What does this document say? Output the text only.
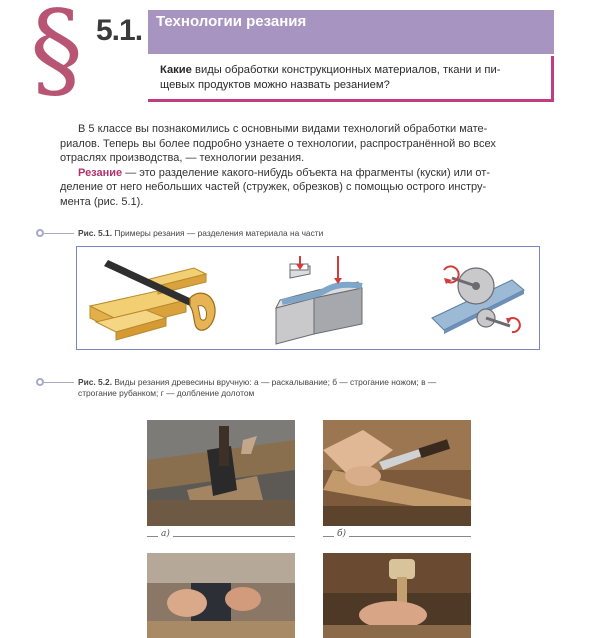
§ 5.1. Технологии резания
Какие виды обработки конструкционных материалов, ткани и пи-
щевых продуктов можно назвать резанием?

В 5 классе вы познакомились с основными видами технологий обработки мате-
риалов. Теперь вы более подробно узнаете о технологии, распространённой во всех
отраслях производства, — технологии резания.

Резание — это разделение какого-нибудь объекта на фрагменты (куски) или от-
деление от него небольших частей (стружек, обрезков) с помощью острого инстру-
мента (рис. 5.1).

Рис. 5.1. Примеры резания — разделения материала на части
Рис. 5.2. Виды резания древесины вручную: а — раскалывание; б — строгание ножом; в —
строгание рубанком; г — долбление долотом
а)	б)
